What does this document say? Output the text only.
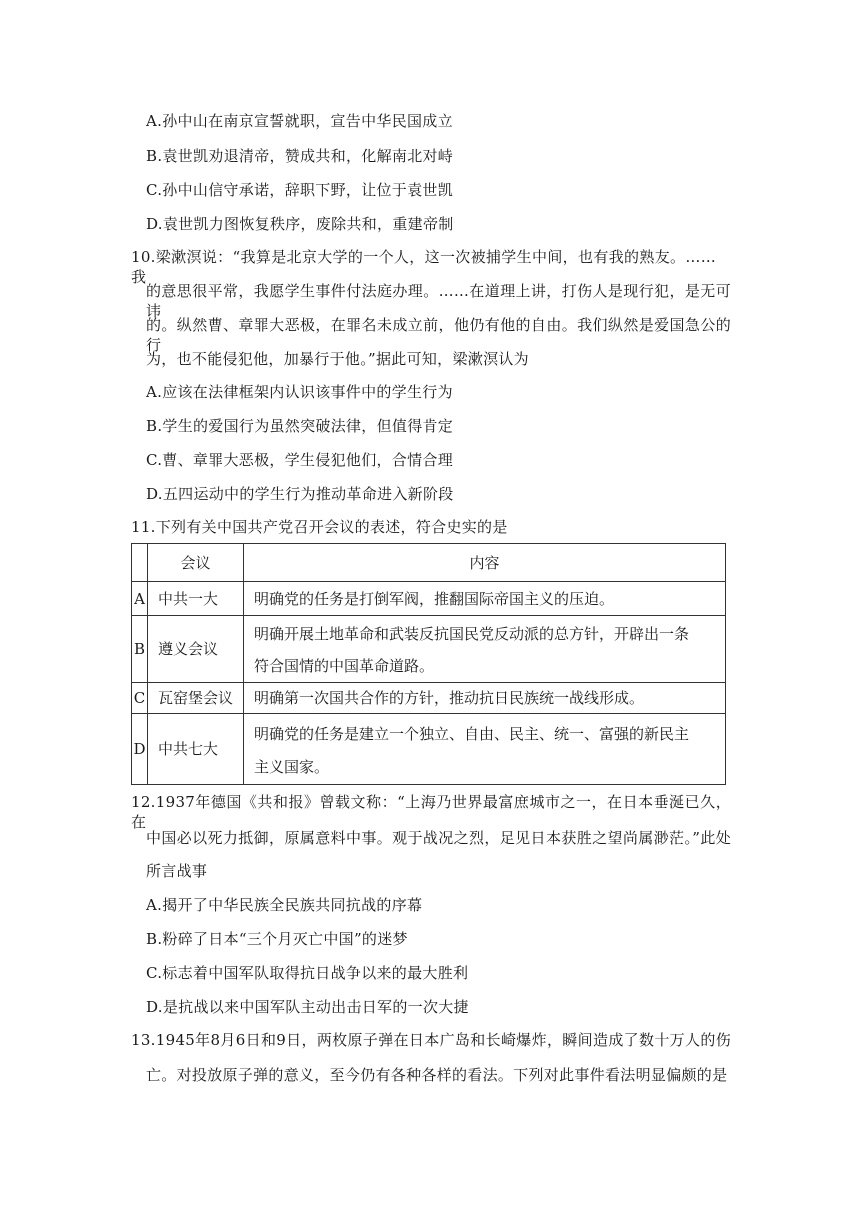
A.孙中山在南京宣誓就职，宣告中华民国成立
B.袁世凯劝退清帝，赞成共和，化解南北对峙
C.孙中山信守承诺，辞职下野，让位于袁世凯
D.袁世凯力图恢复秩序，废除共和，重建帝制
10.梁漱溟说：“我算是北京大学的一个人，这一次被捕学生中间，也有我的熟友。……我
的意思很平常，我愿学生事件付法庭办理。……在道理上讲，打伤人是现行犯，是无可讳
的。纵然曹、章罪大恶极，在罪名未成立前，他仍有他的自由。我们纵然是爱国急公的行
为，也不能侵犯他，加暴行于他。”据此可知，梁漱溟认为
A.应该在法律框架内认识该事件中的学生行为
B.学生的爱国行为虽然突破法律，但值得肯定
C.曹、章罪大恶极，学生侵犯他们，合情合理
D.五四运动中的学生行为推动革命进入新阶段
11.下列有关中国共产党召开会议的表述，符合史实的是
	会议	内容
A	中共一大	明确党的任务是打倒军阀，推翻国际帝国主义的压迫。
B	遵义会议	明确开展土地革命和武装反抗国民党反动派的总方针，开辟出一条
符合国情的中国革命道路。

C	瓦窑堡会议	明确第一次国共合作的方针，推动抗日民族统一战线形成。
D	中共七大	明确党的任务是建立一个独立、自由、民主、统一、富强的新民主
主义国家。
12.1937年德国《共和报》曾载文称：“上海乃世界最富庶城市之一，在日本垂涎已久，在
中国必以死力抵御，原属意料中事。观于战况之烈，足见日本获胜之望尚属渺茫。”此处
所言战事
A.揭开了中华民族全民族共同抗战的序幕
B.粉碎了日本“三个月灭亡中国”的迷梦
C.标志着中国军队取得抗日战争以来的最大胜利
D.是抗战以来中国军队主动出击日军的一次大捷
13.1945年8月6日和9日，两枚原子弹在日本广岛和长崎爆炸，瞬间造成了数十万人的伤
亡。对投放原子弹的意义，至今仍有各种各样的看法。下列对此事件看法明显偏颇的是
